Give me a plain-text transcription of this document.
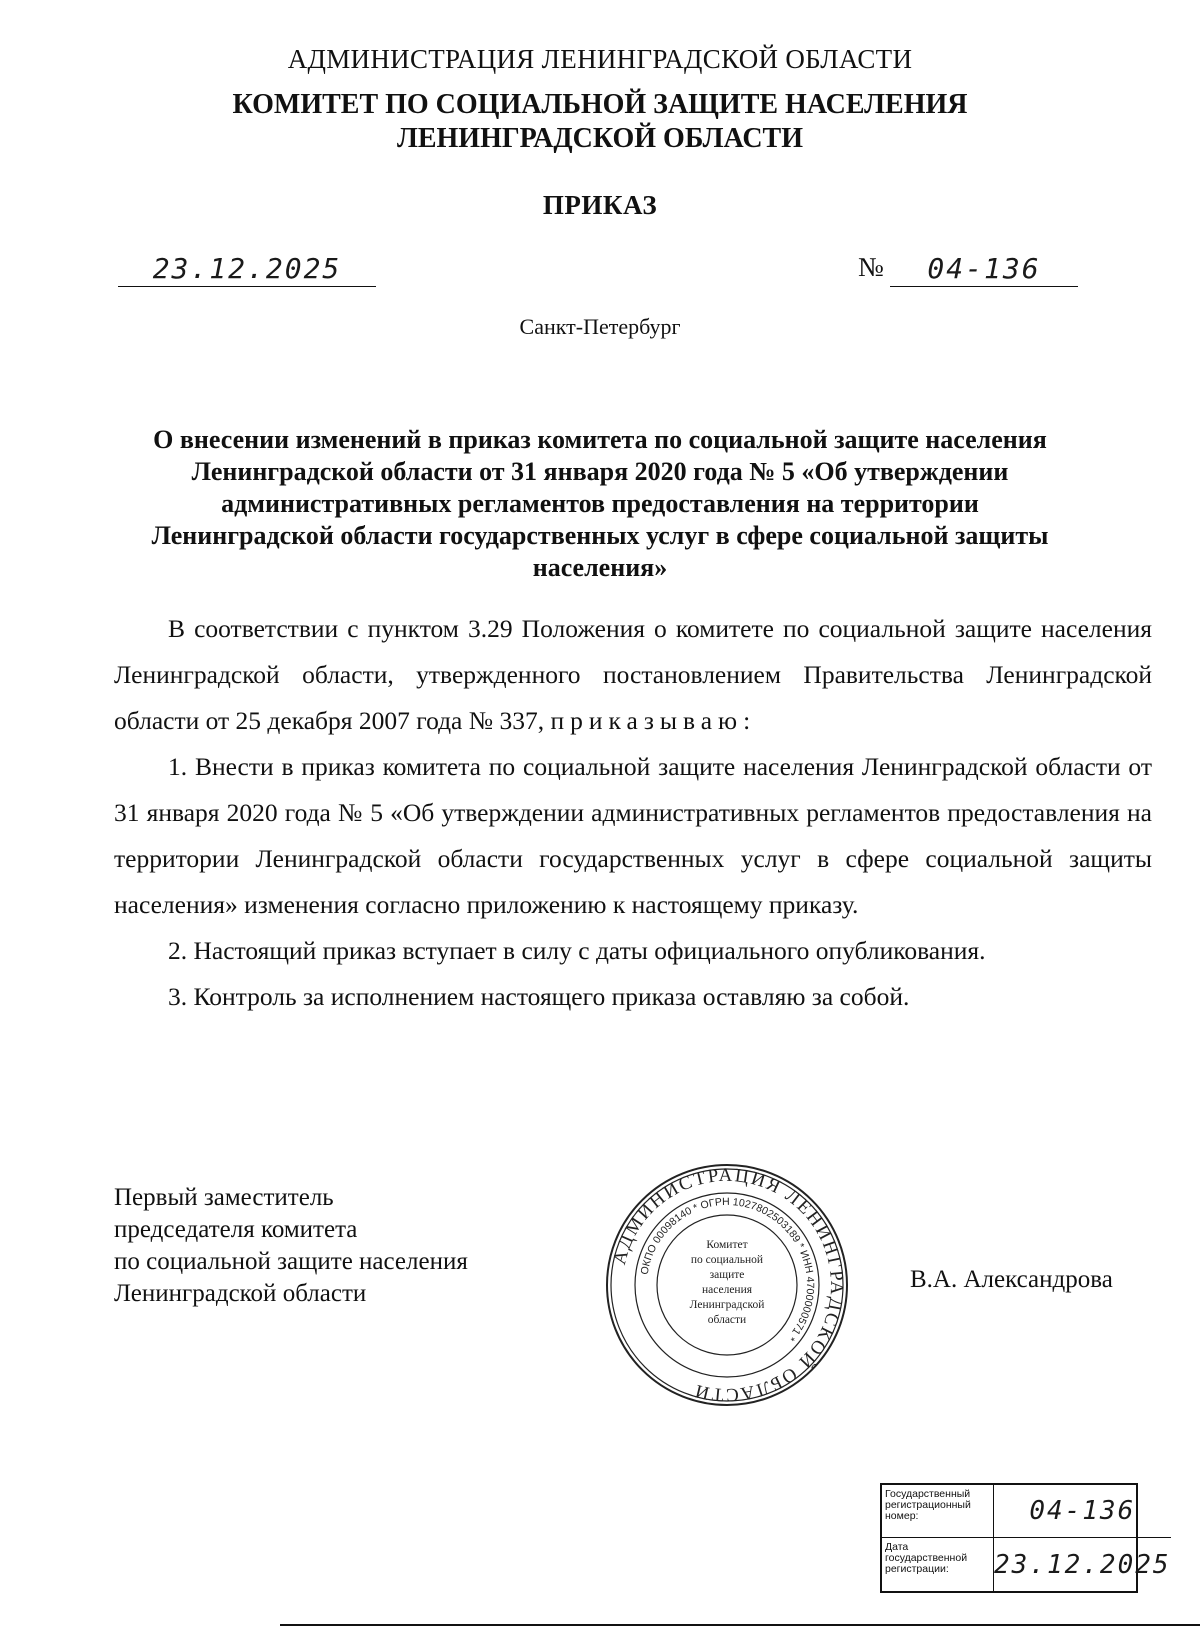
АДМИНИСТРАЦИЯ ЛЕНИНГРАДСКОЙ ОБЛАСТИ
КОМИТЕТ ПО СОЦИАЛЬНОЙ ЗАЩИТЕ НАСЕЛЕНИЯ
ЛЕНИНГРАДСКОЙ ОБЛАСТИ
ПРИКАЗ
23.12.2025	№	04-136
Санкт-Петербург
О внесении изменений в приказ комитета по социальной защите населения Ленинградской области от 31 января 2020 года № 5 «Об утверждении административных регламентов предоставления на территории Ленинградской области государственных услуг в сфере социальной защиты населения»

В соответствии с пунктом 3.29 Положения о комитете по социальной защите населения Ленинградской области, утвержденного постановлением Правительства Ленинградской области от 25 декабря 2007 года № 337, приказываю:

1. Внести в приказ комитета по социальной защите населения Ленинградской области от 31 января 2020 года № 5 «Об утверждении административных регламентов предоставления на территории Ленинградской области государственных услуг в сфере социальной защиты населения» изменения согласно приложению к настоящему приказу.

2. Настоящий приказ вступает в силу с даты официального опубликования.

3. Контроль за исполнением настоящего приказа оставляю за собой.

Первый заместитель
председателя комитета
по социальной защите населения
Ленинградской области
АДМИНИСТРАЦИЯ ЛЕНИНГРАДСКОЙ ОБЛАСТИ
ОКПО 00098140 * ОГРН 1027802503189 * ИНН 4700000571 *
Комитет
по социальной
защите
населения
Ленинградской
области
В.А. Александрова
Государственный регистрационный номер:	04-136
Дата государственной регистрации:	23.12.2025
